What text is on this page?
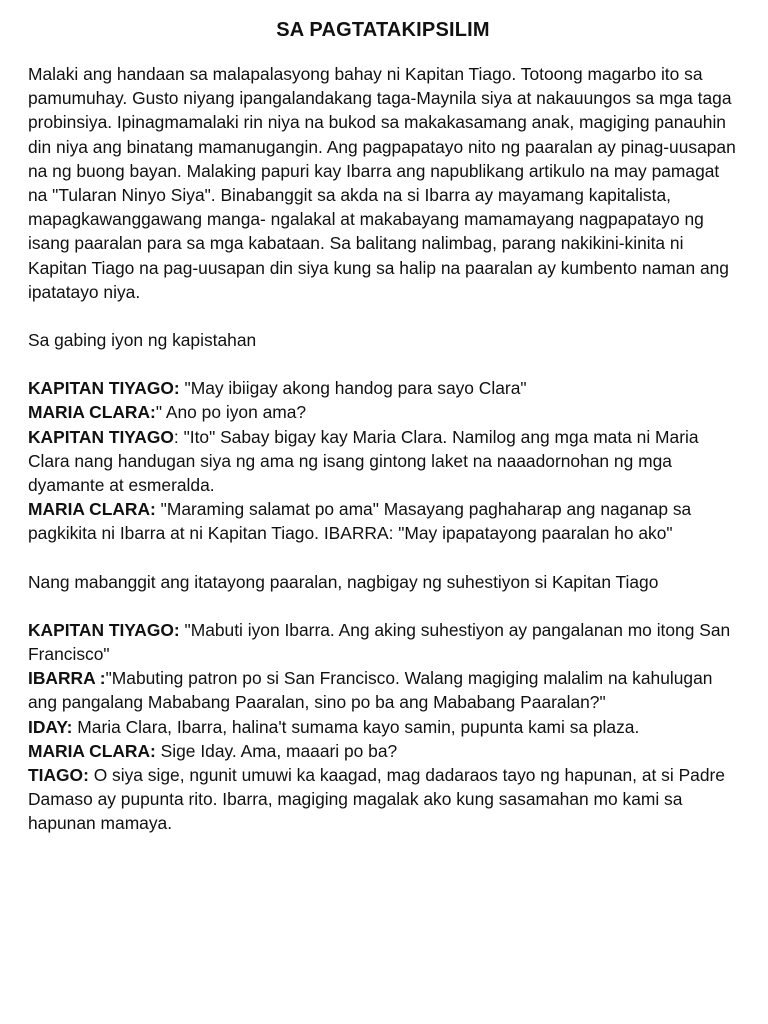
SA PAGTATAKIPSILIM

Malaki ang handaan sa malapalasyong bahay ni Kapitan Tiago. Totoong magarbo ito sa pamumuhay. Gusto niyang ipangalandakang taga-Maynila siya at nakauungos sa mga taga probinsiya. Ipinagmamalaki rin niya na bukod sa makakasamang anak, magiging panauhin din niya ang binatang mamanugangin. Ang pagpapatayo nito ng paaralan ay pinag-uusapan na ng buong bayan. Malaking papuri kay Ibarra ang napublikang artikulo na may pamagat na "Tularan Ninyo Siya". Binabanggit sa akda na si Ibarra ay mayamang kapitalista, mapagkawanggawang manga- ngalakal at makabayang mamamayang nagpapatayo ng isang paaralan para sa mga kabataan. Sa balitang nalimbag, parang nakikini-kinita ni Kapitan Tiago na pag-uusapan din siya kung sa halip na paaralan ay kumbento naman ang ipatatayo niya.

Sa gabing iyon ng kapistahan

KAPITAN TIYAGO: "May ibiigay akong handog para sayo Clara"

MARIA CLARA:" Ano po iyon ama?

KAPITAN TIYAGO: "Ito" Sabay bigay kay Maria Clara. Namilog ang mga mata ni Maria Clara nang handugan siya ng ama ng isang gintong laket na naaadornohan ng mga dyamante at esmeralda.

MARIA CLARA: "Maraming salamat po ama" Masayang paghaharap ang naganap sa pagkikita ni Ibarra at ni Kapitan Tiago. IBARRA: "May ipapatayong paaralan ho ako"

Nang mabanggit ang itatayong paaralan, nagbigay ng suhestiyon si Kapitan Tiago

KAPITAN TIYAGO: "Mabuti iyon Ibarra. Ang aking suhestiyon ay pangalanan mo itong San Francisco"

IBARRA :"Mabuting patron po si San Francisco. Walang magiging malalim na kahulugan ang pangalang Mababang Paaralan, sino po ba ang Mababang Paaralan?"

IDAY: Maria Clara, Ibarra, halina't sumama kayo samin, pupunta kami sa plaza.

MARIA CLARA: Sige Iday. Ama, maaari po ba?

TIAGO: O siya sige, ngunit umuwi ka kaagad, mag dadaraos tayo ng hapunan, at si Padre Damaso ay pupunta rito. Ibarra, magiging magalak ako kung sasamahan mo kami sa hapunan mamaya.
